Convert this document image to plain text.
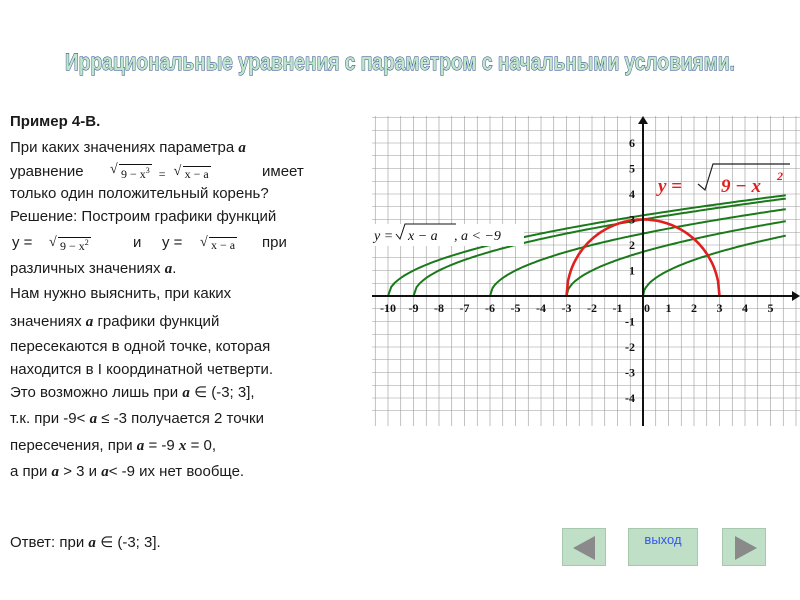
Иррациональные уравнения с параметром с начальными условиями.
Пример 4-В.
При каких значениях параметра a
уравнение	√ $9 - x^3$ = √ x − a	имеет
только один положительный корень?
Решение: Построим графики функций
y = √ $9 - x^2$	и y = √ x − a при
различных значениях a.
Нам нужно выяснить, при каких
значениях a графики функций
пересекаются в одной точке, которая
находится в I координатной четверти.
Это возможно лишь при a ∈ (-3; 3],
т.к. при -9< a ≤ -3 получается 2 точки
пересечения, при a = -9 x = 0,
а при a > 3 и a< -9 их нет вообще.
Ответ: при a ∈ (-3; 3].
-10 -9 -8 -7 -6 -5 -4 -3 -2 -1 0 1 2 3 4 5
1
2
3
4
5
6
-1
-2
-3
-4
y = 9 − x 2
y = x − a , a < −9
выход
